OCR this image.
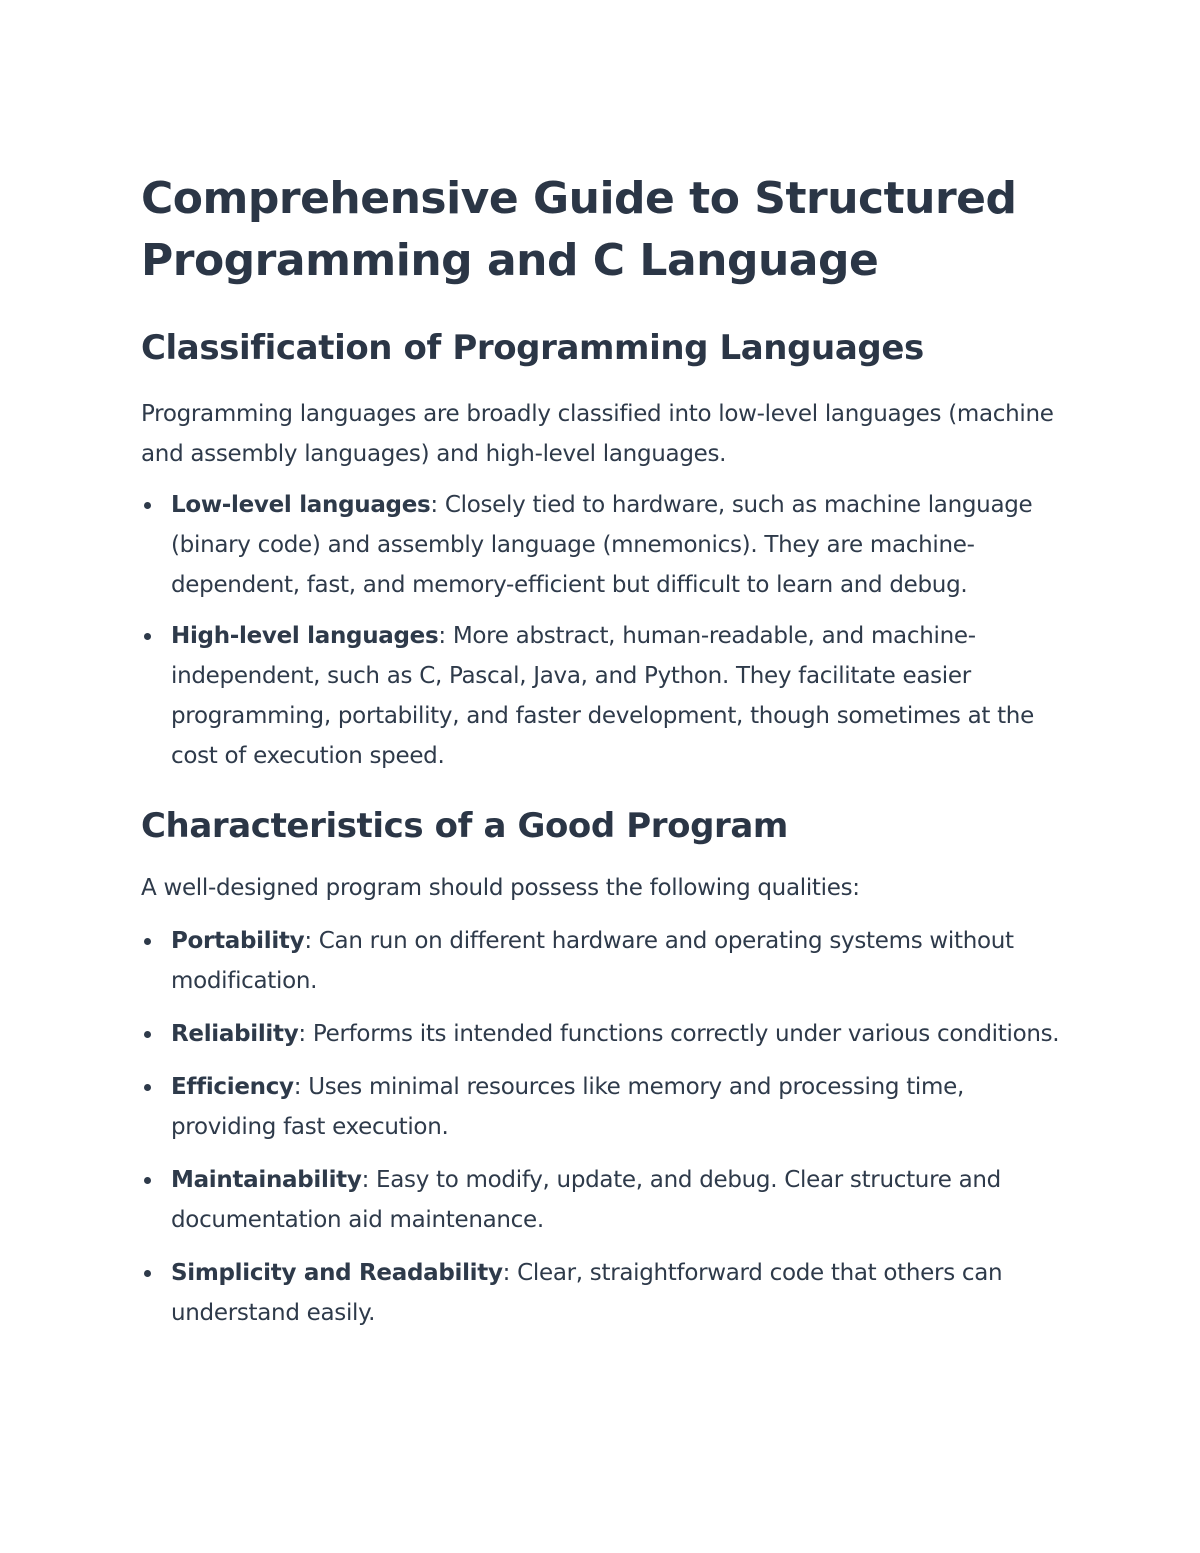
Comprehensive Guide to Structured Programming and C Language
Classification of Programming Languages

Programming languages are broadly classified into low-level languages (machine and assembly languages) and high-level languages.

Low-level languages: Closely tied to hardware, such as machine language (binary code) and assembly language (mnemonics). They are machine-dependent, fast, and memory-efficient but difficult to learn and debug.
High-level languages: More abstract, human-readable, and machine-independent, such as C, Pascal, Java, and Python. They facilitate easier programming, portability, and faster development, though sometimes at the cost of execution speed.
Characteristics of a Good Program

A well-designed program should possess the following qualities:

Portability: Can run on different hardware and operating systems without modification.
Reliability: Performs its intended functions correctly under various conditions.
Efficiency: Uses minimal resources like memory and processing time, providing fast execution.
Maintainability: Easy to modify, update, and debug. Clear structure and documentation aid maintenance.
Simplicity and Readability: Clear, straightforward code that others can understand easily.
